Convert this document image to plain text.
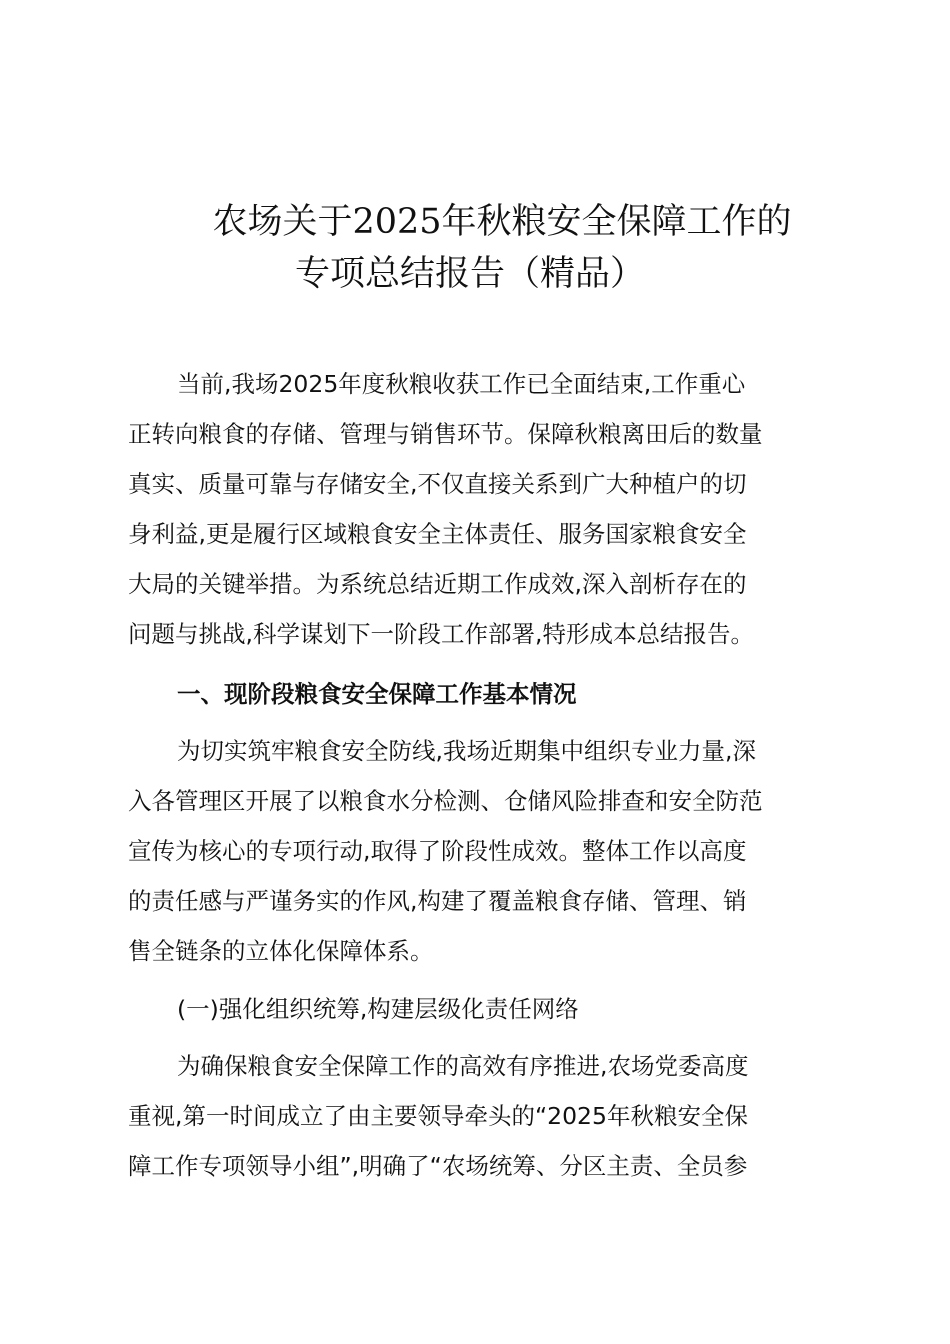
农场关于2025年秋粮安全保障工作的
专项总结报告（精品）
当前,我场2025年度秋粮收获工作已全面结束,工作重心
正转向粮食的存储、管理与销售环节。保障秋粮离田后的数量
真实、质量可靠与存储安全,不仅直接关系到广大种植户的切
身利益,更是履行区域粮食安全主体责任、服务国家粮食安全
大局的关键举措。为系统总结近期工作成效,深入剖析存在的
问题与挑战,科学谋划下一阶段工作部署,特形成本总结报告。
一、现阶段粮食安全保障工作基本情况
为切实筑牢粮食安全防线,我场近期集中组织专业力量,深
入各管理区开展了以粮食水分检测、仓储风险排查和安全防范
宣传为核心的专项行动,取得了阶段性成效。整体工作以高度
的责任感与严谨务实的作风,构建了覆盖粮食存储、管理、销
售全链条的立体化保障体系。
(一)强化组织统筹,构建层级化责任网络
为确保粮食安全保障工作的高效有序推进,农场党委高度
重视,第一时间成立了由主要领导牵头的“2025年秋粮安全保
障工作专项领导小组”,明确了“农场统筹、分区主责、全员参
